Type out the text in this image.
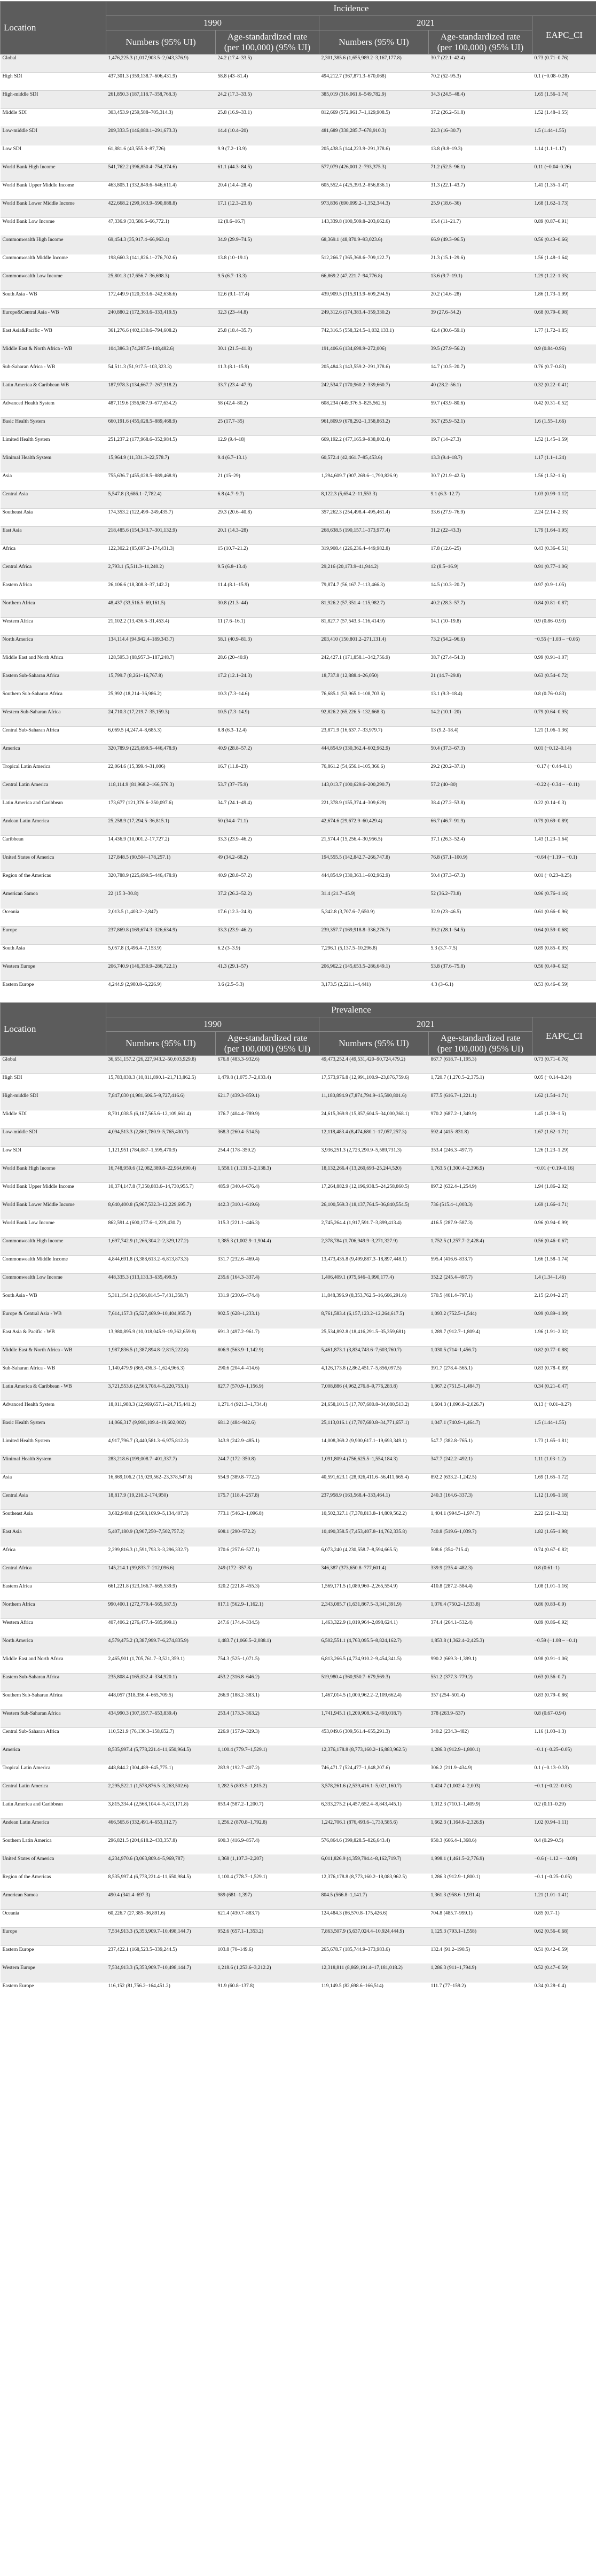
Location	Incidence				
	1990		2021		EAPC_CI
	Numbers (95% UI)	Age-standardized rate (per 100,000) (95% UI)	Numbers (95% UI)	Age-standardized rate (per 100,000) (95% UI)	
Global	1,476,225.3 (1,017,903.5–2,043,376.9)	24.2 (17.4–33.5)	2,301,385.6 (1,655,989.2–3,167,177.8)	30.7 (22.1–42.4)	0.73 (0.71–0.76)
High SDI	437,301.3 (359,138.7–606,431.9)	58.8 (43–81.4)	494,212.7 (367,871.3–670,068)	70.2 (52–95.3)	0.1 (−0.08–0.28)
High-middle SDI	261,850.3 (187,118.7–358,768.3)	24.2 (17.3–33.5)	385,019 (316,061.6–549,782.9)	34.3 (24.5–48.4)	1.65 (1.56–1.74)
Middle SDI	303,453.9 (259,588–705,314.3)	25.8 (16.9–33.1)	812,669 (572,961.7–1,129,908.5)	37.2 (26.2–51.8)	1.52 (1.48–1.55)
Low-middle SDI	209,333.5 (146,080.1–291,673.3)	14.4 (10.4–20)	481,689 (338,285.7–678,910.3)	22.3 (16–30.7)	1.5 (1.44–1.55)
Low SDI	61,881.6 (43,555.8–87,726)	9.9 (7.2–13.9)	205,438.5 (144,223.9–291,378.6)	13.8 (9.8–19.3)	1.14 (1.1–1.17)
World Bank High Income	541,762.2 (396,850.4–754,374.6)	61.1 (44.3–84.5)	577,079 (426,001.2–793,375.3)	71.2 (52.5–96.1)	0.11 (−0.04–0.26)
World Bank Upper Middle Income	463,805.1 (332,849.6–646,611.4)	20.4 (14.4–28.4)	605,552.4 (425,393.2–856,836.1)	31.3 (22.1–43.7)	1.41 (1.35–1.47)
World Bank Lower Middle Income	422,668.2 (299,163.9–590,888.8)	17.1 (12.3–23.8)	973,836 (690,099.2–1,352,344.3)	25.9 (18.6–36)	1.68 (1.62–1.73)
World Bank Low Income	47,336.9 (33,586.6–66,772.1)	12 (8.6–16.7)	143,339.8 (100,509.8–203,662.6)	15.4 (11–21.7)	0.89 (0.87–0.91)
Commonwealth High Income	69,454.3 (35,917.4–66,963.4)	34.9 (29.9–74.5)	68,369.1 (48,870.9–93,023.6)	66.9 (49.3–96.5)	0.56 (0.43–0.66)
Commonwealth Middle Income	198,660.3 (141,826.1–276,702.6)	13.8 (10–19.1)	512,266.7 (365,368.6–709,122.7)	21.3 (15.1–29.6)	1.56 (1.48–1.64)
Commonwealth Low Income	25,801.3 (17,656.7–36,698.3)	9.5 (6.7–13.3)	66,869.2 (47,221.7–94,776.8)	13.6 (9.7–19.1)	1.29 (1.22–1.35)
South Asia - WB	172,449.9 (120,333.6–242,636.6)	12.6 (9.1–17.4)	439,909.5 (315,913.9–609,294.5)	20.2 (14.6–28)	1.86 (1.73–1.99)
Europe&Central Asia - WB	240,880.2 (172,363.6–333,419.5)	32.3 (23–44.8)	249,312.6 (174,383.4–359,330.2)	39 (27.6–54.2)	0.68 (0.79–0.98)
East Asia&Pacific - WB	361,276.6 (402,130.6–794,608.2)	25.8 (18.4–35.7)	742,316.5 (558,324.5–1,032,133.1)	42.4 (30.6–59.1)	1.77 (1.72–1.85)
Middle East & North Africa - WB	104,386.3 (74,287.5–148,482.6)	30.1 (21.5–41.8)	191,406.6 (134,698.9–272,006)	39.5 (27.9–56.2)	0.9 (0.84–0.96)
Sub-Saharan Africa - WB	54,511.3 (51,917.5–103,323.3)	11.3 (8.1–15.9)	205,484.3 (143,559.2–291,378.6)	14.7 (10.5–20.7)	0.76 (0.7–0.83)
Latin America & Caribbean WB	187,978.3 (134,667.7–267,918.2)	33.7 (23.4–47.9)	242,534.7 (170,960.2–339,660.7)	40 (28.2–56.1)	0.32 (0.22–0.41)
Advanced Health System	487,119.6 (356,987.9–677,634.2)	58 (42.4–80.2)	608,234 (449,376.5–825,562.5)	59.7 (43.9–80.6)	0.42 (0.31–0.52)
Basic Health System	660,191.6 (455,028.5–889,468.9)	25 (17.7–35)	961,809.9 (678,292–1,358,863.2)	36.7 (25.9–52.1)	1.6 (1.55–1.66)
Limited Health System	251,237.2 (177,968.6–352,984.5)	12.9 (9.4–18)	669,192.2 (477,165.9–938,802.4)	19.7 (14–27.3)	1.52 (1.45–1.59)
Minimal Health System	15,964.9 (11,331.3–22,578.7)	9.4 (6.7–13.1)	60,572.4 (42,461.7–85,453.6)	13.3 (9.4–18.7)	1.17 (1.1–1.24)
Asia	755,636.7 (455,028.5–889,468.9)	21 (15–29)	1,294,609.7 (907,269.6–1,790,826.9)	30.7 (21.9–42.5)	1.56 (1.52–1.6)
Central Asia	5,547.8 (3,686.1–7,782.4)	6.8 (4.7–9.7)	8,122.3 (5,654.2–11,553.3)	9.1 (6.3–12.7)	1.03 (0.99–1.12)
Southeast Asia	174,353.2 (122,499–249,435.7)	29.3 (20.6–40.8)	357,262.3 (254,498.4–495,461.4)	33.6 (27.9–76.9)	2.24 (2.14–2.35)
East Asia	218,485.6 (154,343.7–301,132.9)	20.1 (14.3–28)	268,638.5 (190,157.1–373,977.4)	31.2 (22–43.3)	1.79 (1.64–1.95)
Africa	122,302.2 (85,697.2–174,431.3)	15 (10.7–21.2)	319,908.4 (226,236.4–449,982.8)	17.8 (12.6–25)	0.43 (0.36–0.51)
Central Africa	2,793.1 (5,511.3–11,240.2)	9.5 (6.8–13.4)	29,216 (20,173.9–41,944.2)	12 (8.5–16.9)	0.91 (0.77–1.06)
Eastern Africa	26,106.6 (18,308.8–37,142.2)	11.4 (8.1–15.9)	79,874.7 (56,167.7–113,466.3)	14.5 (10.3–20.7)	0.97 (0.9–1.05)
Northern Africa	48,437 (33,516.5–69,161.5)	30.8 (21.3–44)	81,926.2 (57,351.4–115,982.7)	40.2 (28.3–57.7)	0.84 (0.81–0.87)
Western Africa	21,102.2 (13,436.6–31,453.4)	11 (7.6–16.1)	81,827.7 (57,543.3–116,414.9)	14.1 (10–19.8)	0.9 (0.86–0.93)
North America	134,114.4 (94,942.4–189,343.7)	58.1 (40.9–81.3)	203,410 (150,801.2–271,131.4)	73.2 (54.2–96.6)	−0.55 (−1.03 – −0.06)
Middle East and North Africa	128,595.3 (88,957.3–187,248.7)	28.6 (20–40.9)	242,427.1 (171,858.1–342,756.9)	38.7 (27.4–54.3)	0.99 (0.91–1.07)
Eastern Sub-Saharan Africa	15,799.7 (8,261–16,767.8)	17.2 (12.1–24.3)	18,737.8 (12,888.4–26,050)	21 (14.7–29.8)	0.63 (0.54–0.72)
Southern Sub-Saharan Africa	25,992 (18,214–36,986.2)	10.3 (7.3–14.6)	76,685.1 (53,965.1–108,703.6)	13.1 (9.3–18.4)	0.8 (0.76–0.83)
Western Sub-Saharan Africa	24,710.3 (17,219.7–35,159.3)	10.5 (7.3–14.9)	92,826.2 (65,226.5–132,668.3)	14.2 (10.1–20)	0.79 (0.64–0.95)
Central Sub-Saharan Africa	6,069.5 (4,247.4–8,685.3)	8.8 (6.3–12.4)	23,871.9 (16,637.7–33,979.7)	13 (9.2–18.4)	1.21 (1.06–1.36)
America	320,789.9 (225,699.5–446,478.9)	40.9 (28.8–57.2)	444,854.9 (330,362.4–602,962.9)	50.4 (37.3–67.3)	0.01 (−0.12–0.14)
Tropical Latin America	22,064.6 (15,399.4–31,006)	16.7 (11.8–23)	76,861.2 (54,656.1–105,366.6)	29.2 (20.2–37.1)	−0.17 (−0.44–0.1)
Central Latin America	118,114.9 (81,968.2–166,576.3)	53.7 (37–75.9)	143,013.7 (100,629.6–200,290.7)	57.2 (40–80)	−0.22 (−0.34 – −0.11)
Latin America and Caribbean	173,677 (121,376.6–250,097.6)	34.7 (24.1–49.4)	221,378.9 (155,374.4–309,629)	38.4 (27.2–53.8)	0.22 (0.14–0.3)
Andean Latin America	25,258.9 (17,294.5–36,815.1)	50 (34.4–71.1)	42,674.6 (29,672.9–60,429.4)	66.7 (46.7–91.9)	0.79 (0.69–0.89)
Caribbean	14,436.9 (10,001.2–17,727.2)	33.3 (23.9–46.2)	21,574.4 (15,256.4–30,956.5)	37.1 (26.3–52.4)	1.43 (1.23–1.64)
United States of America	127,848.5 (90,504–178,257.1)	49 (34.2–68.2)	194,555.5 (142,842.7–266,747.8)	76.8 (57.1–100.9)	−0.64 (−1.19 – −0.1)
Region of the Americas	320,788.9 (225,699.5–446,478.9)	40.9 (28.8–57.2)	444,854.9 (330,363.1–602,962.9)	50.4 (37.3–67.3)	0.01 (−0.23–0.25)
American Samoa	22 (15.3–30.8)	37.2 (26.2–52.2)	31.4 (21.7–45.9)	52 (36.2–73.8)	0.96 (0.76–1.16)
Oceania	2,013.5 (1,403.2–2,847)	17.6 (12.3–24.8)	5,342.8 (3,707.6–7,650.9)	32.9 (23–46.5)	0.61 (0.66–0.96)
Europe	237,869.8 (169,674.3–326,634.9)	33.3 (23.9–46.2)	239,357.7 (169,918.8–336,276.7)	39.2 (28.1–54.5)	0.64 (0.59–0.68)
South Asia	5,057.8 (3,496.4–7,153.9)	6.2 (3–3.9)	7,296.1 (5,137.5–10,296.8)	5.3 (3.7–7.5)	0.89 (0.85–0.95)
Western Europe	206,740.9 (146,350.9–286,722.1)	41.3 (29.1–57)	206,962.2 (145,653.5–286,649.1)	53.8 (37.6–75.8)	0.56 (0.49–0.62)
Eastern Europe	4,244.9 (2,980.8–6,226.9)	3.6 (2.5–5.3)	3,173.5 (2,221.1–4,441)	4.3 (3–6.1)	0.53 (0.46–0.59)
Location	Prevalence				
	1990		2021		EAPC_CI
	Numbers (95% UI)	Age-standardized rate (per 100,000) (95% UI)	Numbers (95% UI)	Age-standardized rate (per 100,000) (95% UI)	
Global	36,651,157.2 (26,227,943.2–50,603,929.8)	676.8 (483.3–932.6)	49,473,252.4 (49,531,420–90,724,479.2)	867.7 (618.7–1,195.3)	0.73 (0.71–0.76)
High SDI	15,783,830.3 (10,811,890.1–21,713,862.5)	1,479.8 (1,075.7–2,033.4)	17,573,976.8 (12,991,100.9–23,876,759.6)	1,720.7 (1,270.5–2,375.1)	0.05 (−0.14–0.24)
High-middle SDI	7,847,030 (4,981,606.5–9,727,416.6)	621.7 (439.3–859.1)	11,180,894.9 (7,874,794.9–15,590,801.6)	877.5 (616.7–1,221.1)	1.62 (1.54–1.71)
Middle SDI	8,701,038.5 (6,187,565.6–12,109,661.4)	376.7 (404.4–789.9)	24,615,369.9 (15,857,604.5–34,000,368.1)	970.2 (687.2–1,349.9)	1.45 (1.39–1.5)
Low-middle SDI	4,094,513.3 (2,861,780.9–5,765,430.7)	368.3 (260.4–514.5)	12,118,483.4 (8,474,680.1–17,057,257.3)	592.4 (415–831.8)	1.67 (1.62–1.71)
Low SDI	1,121,951 (784,087–1,595,470.9)	254.4 (178–359.2)	3,936,251.3 (2,723,290.9–5,589,731.3)	353.4 (246.3–497.7)	1.26 (1.23–1.29)
World Bank High Income	16,748,959.6 (12,082,389.8–22,964,690.4)	1,558.1 (1,131.5–2,138.3)	18,132,266.4 (13,260,693–25,244,520)	1,763.5 (1,300.4–2,396.9)	−0.01 (−0.19–0.16)
World Bank Upper Middle Income	10,374,147.8 (7,350,883.6–14,730,955.7)	485.9 (340.4–676.4)	17,264,882.9 (12,196,938.5–24,258,860.5)	897.2 (632.4–1,254.9)	1.94 (1.86–2.02)
World Bank Lower Middle Income	8,640,400.8 (5,967,532.3–12,229,695.7)	442.3 (310.1–619.6)	26,100,569.3 (18,137,764.5–36,840,554.5)	736 (515.4–1,003.3)	1.69 (1.66–1.71)
World Bank Low Income	862,591.4 (600,177.6–1,229,430.7)	315.3 (221.1–446.3)	2,745,264.4 (1,917,591.7–3,899,413.4)	416.5 (287.9–587.3)	0.96 (0.94–0.99)
Commonwealth High Income	1,697,742.9 (1,266,304.2–2,329,127.2)	1,385.3 (1,002.9–1,904.4)	2,378,784 (1,706,949.9–3,271,327.9)	1,752.5 (1,257.7–2,428.4)	0.56 (0.46–0.67)
Commonwealth Middle Income	4,844,691.8 (3,388,613.2–6,813,873.3)	331.7 (232.6–469.4)	13,473,435.8 (9,499,887.3–18,897,448.1)	595.4 (416.6–833.7)	1.66 (1.58–1.74)
Commonwealth Low Income	448,335.3 (313,133.3–635,499.5)	235.6 (164.3–337.4)	1,406,409.1 (975,646–1,990,177.4)	352.2 (245.4–497.7)	1.4 (1.34–1.46)
South Asia - WB	5,311,154.2 (3,566,814.5–7,431,358.7)	331.9 (230.6–474.4)	11,848,396.9 (8,353,762.5–16,666,291.6)	570.5 (401.4–797.1)	2.15 (2.04–2.27)
Europe & Central Asia - WB	7,614,157.3 (5,527,469.9–10,404,955.7)	902.5 (628–1,233.1)	8,761,583.4 (6,157,123.2–12,264,617.5)	1,093.2 (752.5–1,544)	0.99 (0.89–1.09)
East Asia & Pacific - WB	13,980,895.9 (10,018,045.9–19,362,659.9)	691.3 (497.2–961.7)	25,534,892.8 (18,416,291.5–35,359,681)	1,289.7 (912.7–1,809.4)	1.96 (1.91–2.02)
Middle East & North Africa - WB	1,987,836.5 (1,387,894.8–2,815,222.8)	806.9 (563.9–1,142.9)	5,461,873.1 (3,834,743.6–7,603,760.7)	1,030.5 (714–1,456.7)	0.82 (0.77–0.88)
Sub-Saharan Africa - WB	1,140,479.9 (865,436.3–1,624,966.3)	290.6 (204.4–414.6)	4,126,173.8 (2,862,451.7–5,856,097.5)	391.7 (278.4–565.1)	0.83 (0.78–0.89)
Latin America & Caribbean - WB	3,721,553.6 (2,563,708.4–5,220,753.1)	827.7 (570.9–1,156.9)	7,008,886 (4,962,276.8–9,776,283.8)	1,067.2 (751.5–1,484.7)	0.34 (0.21–0.47)
Advanced Health System	18,011,988.3 (12,969,657.1–24,715,441.2)	1,271.4 (921.3–1,734.4)	24,658,101.5 (17,707,680.8–34,080,513.2)	1,604.3 (1,096.8–2,026.7)	0.13 (−0.01–0.27)
Basic Health System	14,066,317 (9,908,109.4–19,602,002)	681.2 (484–942.6)	25,113,016.1 (17,707,680.8–34,771,657.1)	1,047.1 (740.9–1,464.7)	1.5 (1.44–1.55)
Limited Health System	4,917,796.7 (3,440,581.3–6,975,812.2)	343.9 (242.9–485.1)	14,008,369.2 (9,900,617.1–19,693,349.1)	547.7 (382.8–765.1)	1.73 (1.65–1.81)
Minimal Health System	283,218.6 (199,008.7–401,337.7)	244.7 (172–350.8)	1,091,809.4 (756,625.5–1,554,184.3)	347.7 (242.2–492.1)	1.11 (1.03–1.2)
Asia	16,869,106.2 (15,029,562–23,378,547.8)	554.9 (389.8–772.2)	40,591,623.1 (28,926,411.6–56,411,665.4)	892.2 (633.2–1,242.5)	1.69 (1.65–1.72)
Central Asia	18,817.9 (19,210.2–174,950)	175.7 (118.4–257.8)	237,958.9 (163,568.4–333,464.1)	240.3 (164.6–337.3)	1.12 (1.06–1.18)
Southeast Asia	3,682,948.8 (2,568,109.9–5,134,407.3)	773.1 (546.2–1,096.8)	10,502,327.1 (7,378,813.8–14,809,562.2)	1,404.1 (994.5–1,974.7)	2.22 (2.11–2.32)
East Asia	5,407,180.9 (3,907,250–7,502,757.2)	608.1 (290–572.2)	10,490,358.5 (7,453,407.8–14,762,335.8)	740.8 (519.6–1,039.7)	1.82 (1.65–1.98)
Africa	2,299,816.3 (1,591,793.3–3,296,332.7)	370.6 (257.6–527.1)	6,073,240 (4,230,558.7–8,594,665.5)	508.6 (354–715.4)	0.74 (0.67–0.82)
Central Africa	145,214.1 (99,833.7–212,096.6)	249 (172–357.8)	346,387 (373,650.8–777,601.4)	339.9 (235.4–482.3)	0.8 (0.61–1)
Eastern Africa	661,221.8 (323,166.7–665,539.9)	320.2 (221.8–455.3)	1,569,171.5 (1,089,960–2,265,554.9)	410.8 (287.2–584.4)	1.08 (1.01–1.16)
Northern Africa	990,400.1 (272,779.4–565,587.5)	817.1 (562.9–1,162.1)	2,343,085.7 (1,631,867.5–3,341,391.9)	1,076.4 (750.2–1,533.8)	0.86 (0.83–0.9)
Western Africa	407,406.2 (276,477.4–585,999.1)	247.6 (174.4–334.5)	1,463,322.9 (1,019,964–2,098,624.1)	374.4 (264.1–532.4)	0.89 (0.86–0.92)
North America	4,579,475.2 (3,387,999.7–6,274,835.9)	1,483.7 (1,066.5–2,088.1)	6,502,551.1 (4,763,095.5–8,824,162.7)	1,853.8 (1,362.4–2,425.3)	−0.59 (−1.08 – −0.1)
Middle East and North Africa	2,465,901 (1,705,761.7–3,521,359.1)	754.3 (525–1,071.5)	6,813,266.5 (4,734,910.2–9,454,341.5)	990.2 (669.3–1,399.1)	0.98 (0.91–1.06)
Eastern Sub-Saharan Africa	235,808.4 (165,032.4–334,920.1)	453.2 (316.8–646.2)	519,980.4 (360,950.7–679,569.3)	551.2 (377.3–779.2)	0.63 (0.56–0.7)
Southern Sub-Saharan Africa	448,057 (318,356.4–665,709.5)	266.9 (188.2–383.1)	1,467,014.5 (1,000,962.2–2,109,662.4)	357 (254–501.4)	0.83 (0.79–0.86)
Western Sub-Saharan Africa	434,990.3 (307,197.7–653,839.4)	253.4 (173.3–363.2)	1,741,945.1 (1,209,908.3–2,493,018.7)	378 (263.9–537)	0.8 (0.67–0.94)
Central Sub-Saharan Africa	110,521.9 (76,136.3–158,652.7)	226.9 (157.9–329.3)	453,049.6 (309,561.4–655,291.3)	340.2 (234.3–482)	1.16 (1.03–1.3)
America	8,535,997.4 (5,778,221.4–11,650,964.5)	1,100.4 (779.7–1,529.1)	12,376,178.8 (8,773,160.2–16,883,962.5)	1,286.3 (912.9–1,800.1)	−0.1 (−0.25–0.05)
Tropical Latin America	448,844.2 (304,489–645,775.1)	283.9 (192.7–407.2)	746,471.7 (524,477–1,048,207.6)	306.2 (211.9–434.9)	0.1 (−0.13–0.33)
Central Latin America	2,295,522.1 (1,578,876.5–3,263,502.6)	1,282.5 (893.5–1,815.2)	3,578,261.6 (2,539,416.1–5,021,160.7)	1,424.7 (1,002.4–2,003)	−0.1 (−0.22–0.03)
Latin America and Caribbean	3,815,334.4 (2,568,104.4–5,413,171.8)	853.4 (587.2–1,200.7)	6,333,275.2 (4,457,652.4–8,843,445.1)	1,012.3 (710.1–1,409.9)	0.2 (0.11–0.29)
Andean Latin America	466,565.6 (332,491.4–653,112.7)	1,256.2 (870.8–1,792.8)	1,242,706.1 (876,493.6–1,730,585.6)	1,662.3 (1,164.6–2,326.9)	1.02 (0.94–1.11)
Southern Latin America	296,821.5 (204,618.2–433,357.8)	600.3 (416.9–857.4)	576,864.6 (399,828.5–826,643.4)	950.3 (666.4–1,368.6)	0.4 (0.29–0.5)
United States of America	4,234,970.6 (3,063,809.4–5,969,787)	1,368 (1,107.3–2,207)	6,011,826.9 (4,359,794.4–8,162,719.7)	1,998.1 (1,461.5–2,776.9)	−0.6 (−1.12 – −0.09)
Region of the Americas	8,535,997.4 (6,778,221.4–11,650,984.5)	1,100.4 (778.7–1,529.1)	12,376,178.8 (8,773,160.2–18,083,962.5)	1,286.3 (912.9–1,800.1)	−0.1 (−0.25–0.05)
American Samoa	490.4 (341.4–697.3)	989 (681–1,397)	804.5 (566.8–1,141.7)	1,361.3 (958.6–1,931.4)	1.21 (1.01–1.41)
Oceania	60,226.7 (27,385–36,891.6)	621.4 (430.7–883.7)	124,484.3 (86,570.8–175,426.6)	704.8 (485.7–999.1)	0.85 (0.7–1)
Europe	7,534,913.3 (5,353,909.7–10,498,144.7)	952.6 (657.1–1,353.2)	7,863,507.9 (5,637,024.4–10,924,444.9)	1,125.3 (793.1–1,558)	0.62 (0.56–0.68)
Eastern Europe	237,422.1 (168,523.5–339,244.5)	103.8 (70–149.6)	265,678.7 (185,744.9–373,983.6)	132.4 (91.2–190.5)	0.51 (0.42–0.59)
Western Europe	7,534,913.3 (5,353,909.7–10,498,144.7)	1,218.6 (1,253.6–3,212.2)	12,318,811 (8,869,191.4–17,181,018.2)	1,286.3 (911–1,794.9)	0.52 (0.47–0.59)
Eastern Europe	116,152 (81,756.2–164,451.2)	91.9 (60.8–137.8)	119,149.5 (82,698.6–166,514)	111.7 (77–159.2)	0.34 (0.28–0.4)
